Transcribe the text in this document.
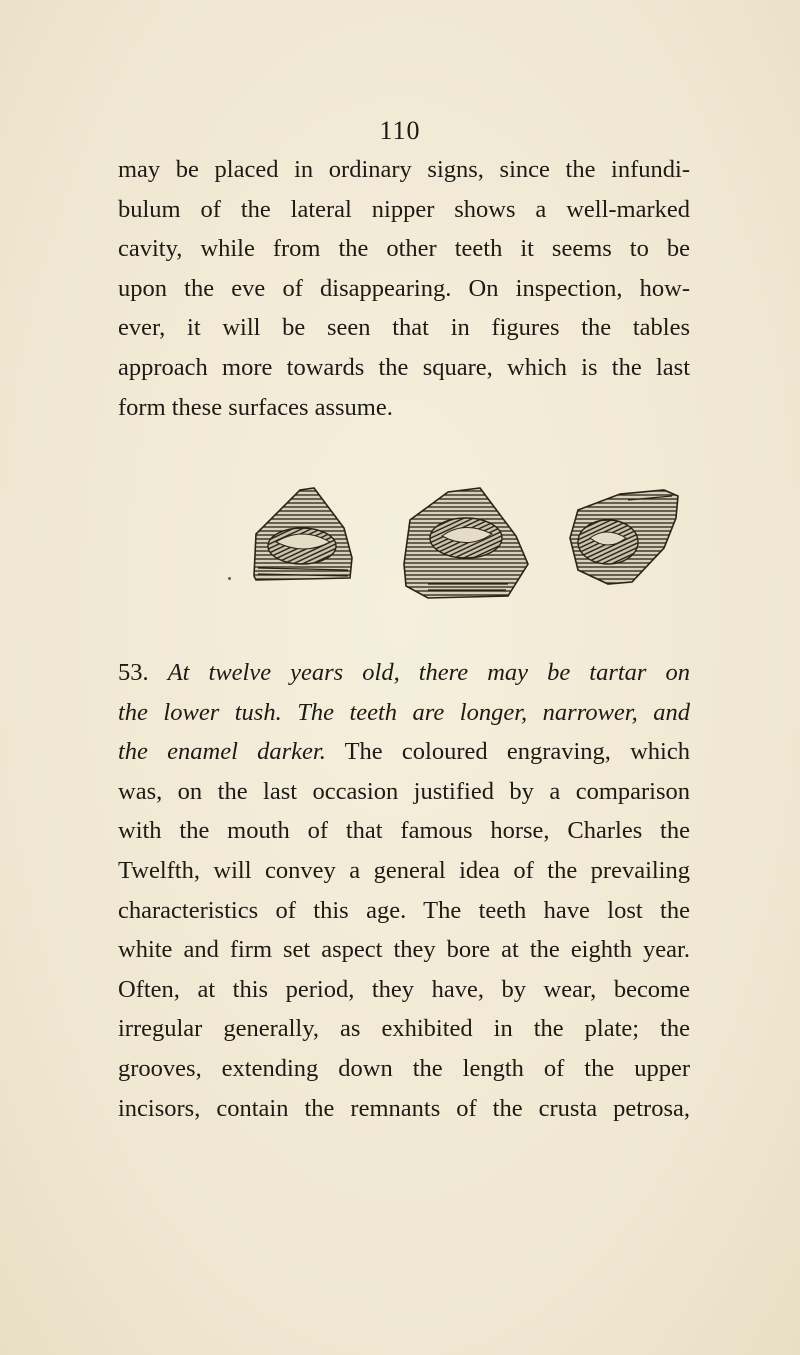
110
may be placed in ordinary signs, since the infundi-
bulum of the lateral nipper shows a well-marked
cavity, while from the other teeth it seems to be
upon the eve of disappearing. On inspection, how-
ever, it will be seen that in figures the tables
approach more towards the square, which is the last
form these surfaces assume.
53. At twelve years old, there may be tartar on
the lower tush. The teeth are longer, narrower, and
the enamel darker. The coloured engraving, which
was, on the last occasion justified by a comparison
with the mouth of that famous horse, Charles the
Twelfth, will convey a general idea of the prevailing
characteristics of this age. The teeth have lost the
white and firm set aspect they bore at the eighth year.
Often, at this period, they have, by wear, become
irregular generally, as exhibited in the plate; the
grooves, extending down the length of the upper
incisors, contain the remnants of the crusta petrosa,
